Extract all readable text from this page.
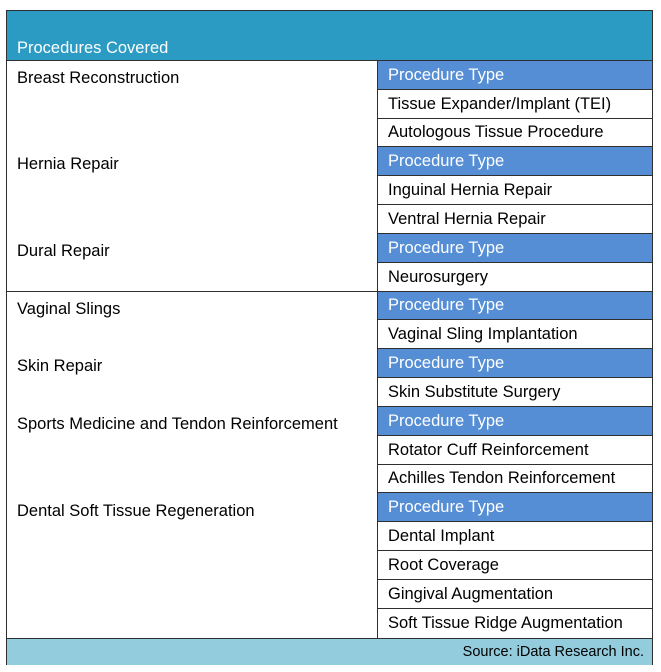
Procedures Covered
Breast Reconstruction
Hernia Repair
Dural Repair
Vaginal Slings
Skin Repair
Sports Medicine and Tendon Reinforcement
Dental Soft Tissue Regeneration
Procedure Type
Tissue Expander/Implant (TEI)
Autologous Tissue Procedure
Procedure Type
Inguinal Hernia Repair
Ventral Hernia Repair
Procedure Type
Neurosurgery
Procedure Type
Vaginal Sling Implantation
Procedure Type
Skin Substitute Surgery
Procedure Type
Rotator Cuff Reinforcement
Achilles Tendon Reinforcement
Procedure Type
Dental Implant
Root Coverage
Gingival Augmentation
Soft Tissue Ridge Augmentation
Source: iData Research Inc.
